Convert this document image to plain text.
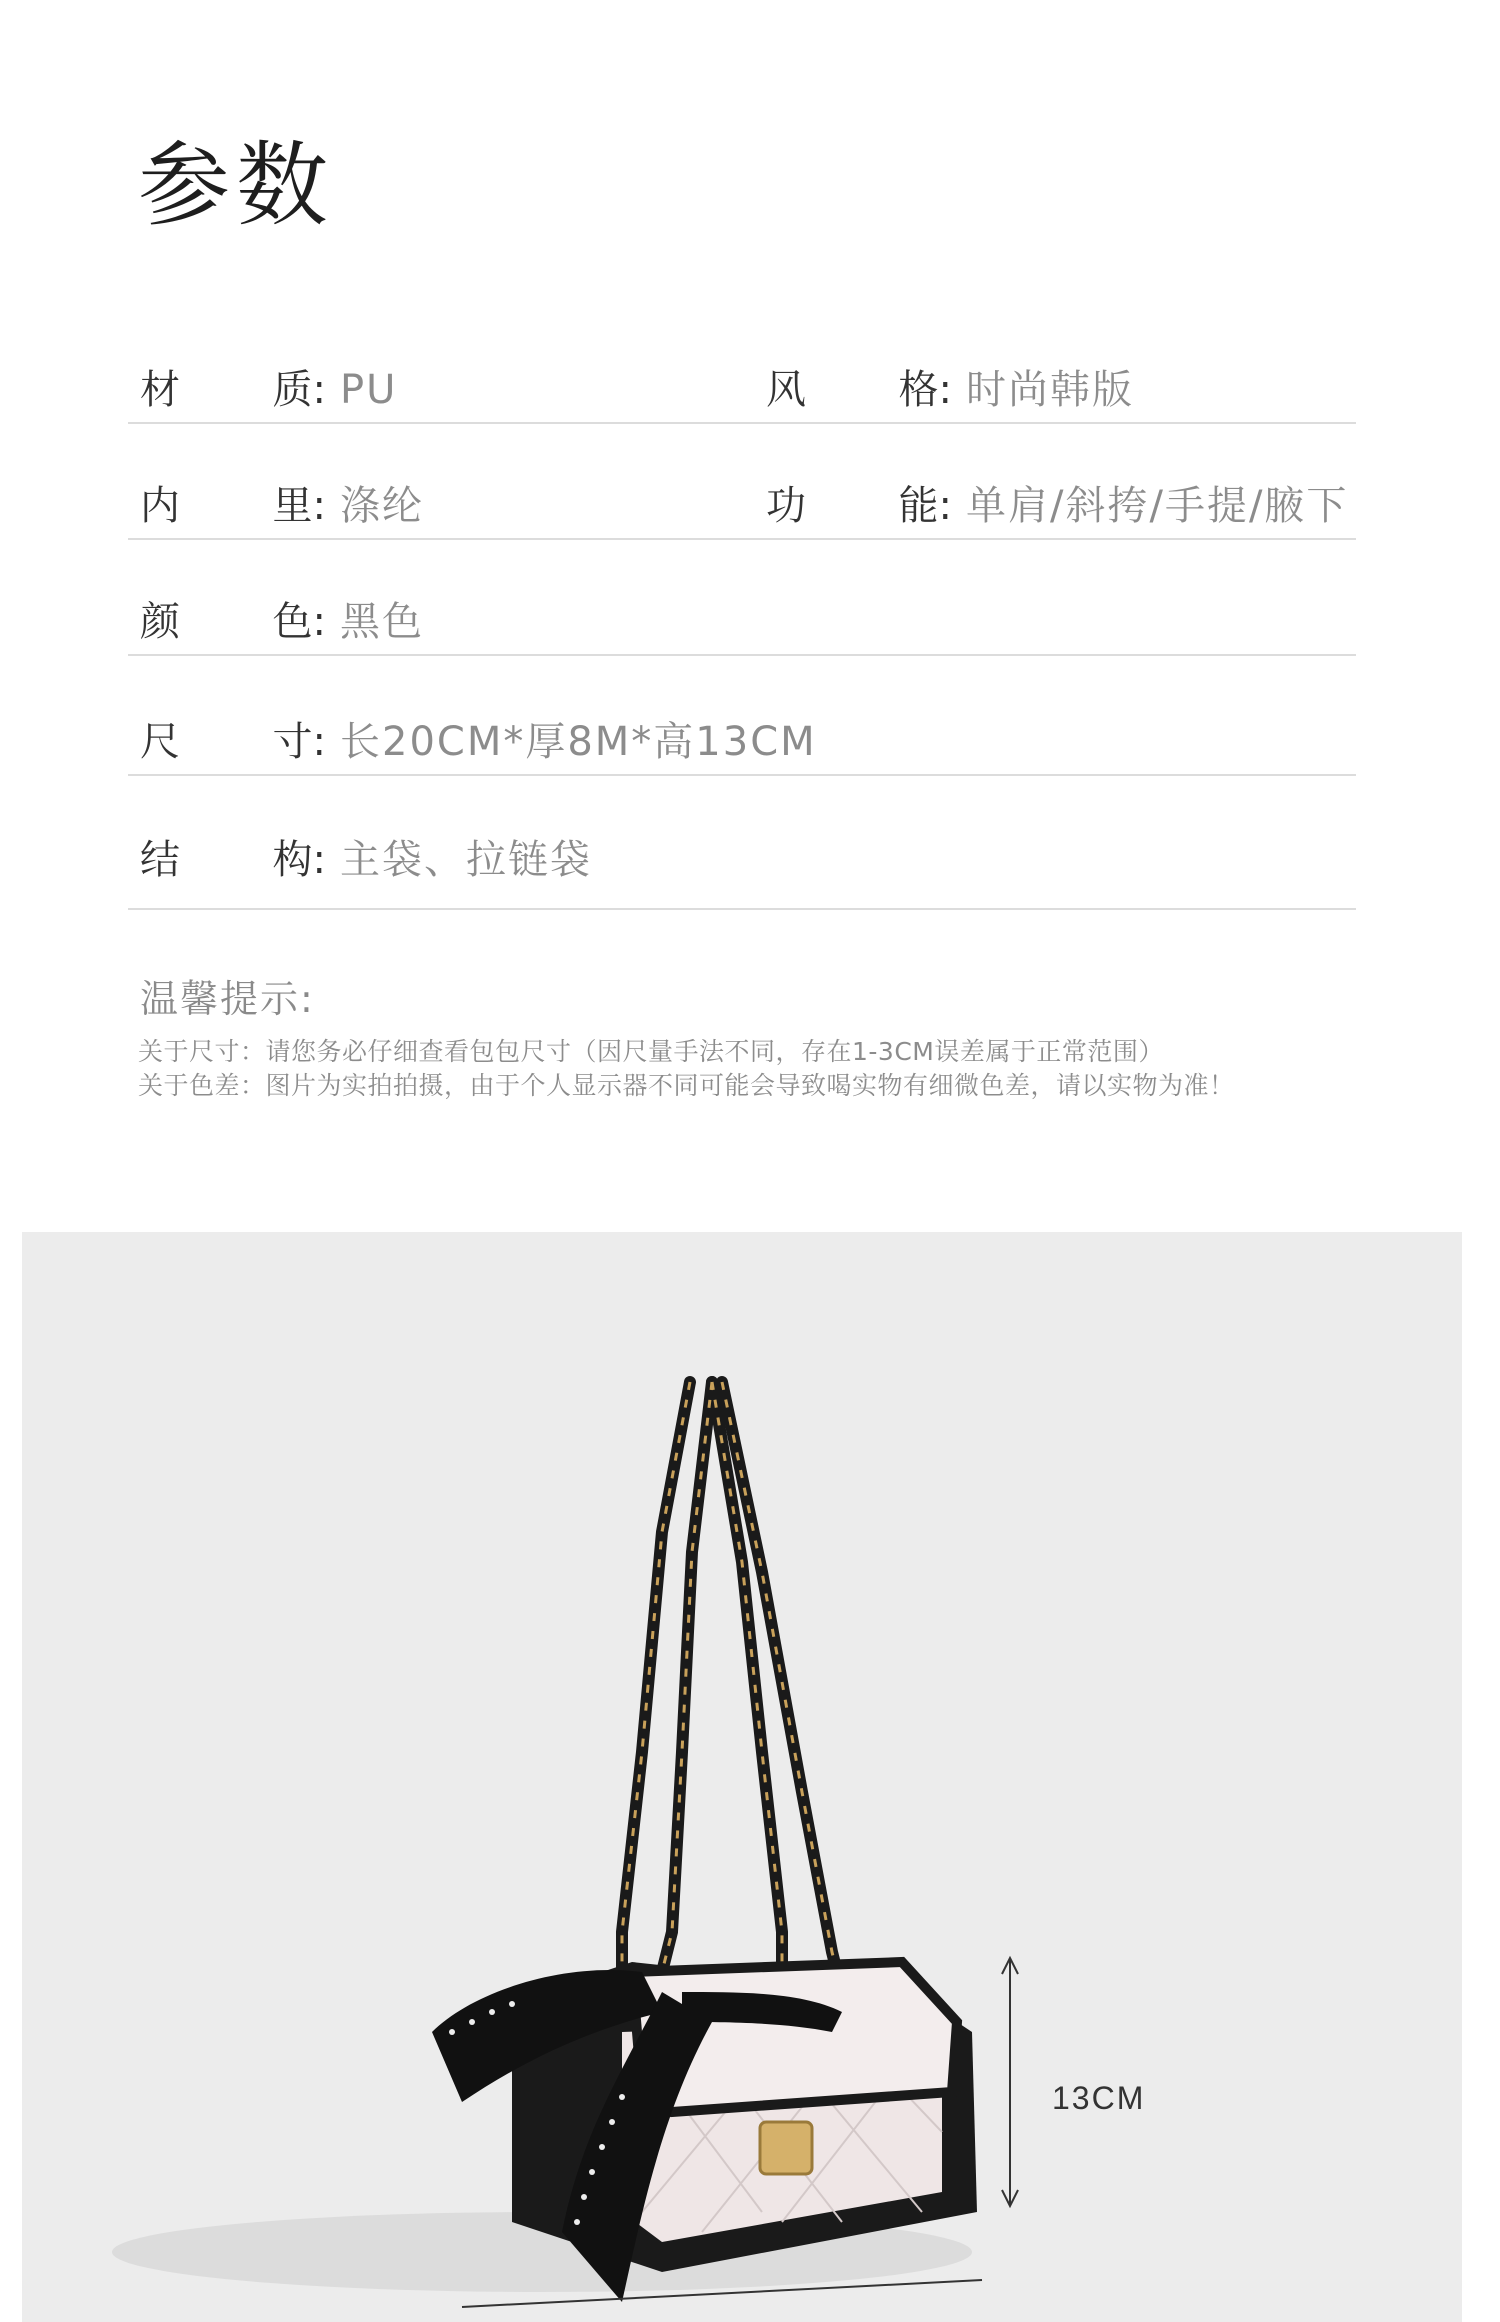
参数
材 质: PU	风 格: 时尚韩版
内 里: 涤纶	功 能: 单肩/斜挎/手提/腋下
颜 色: 黑色
尺 寸: 长20CM*厚8M*高13CM
结 构: 主袋、拉链袋
温馨提示:
关于尺寸：请您务必仔细查看包包尺寸（因尺量手法不同，存在1-3CM误差属于正常范围）
关于色差：图片为实拍拍摄，由于个人显示器不同可能会导致喝实物有细微色差，请以实物为准！
13CM
